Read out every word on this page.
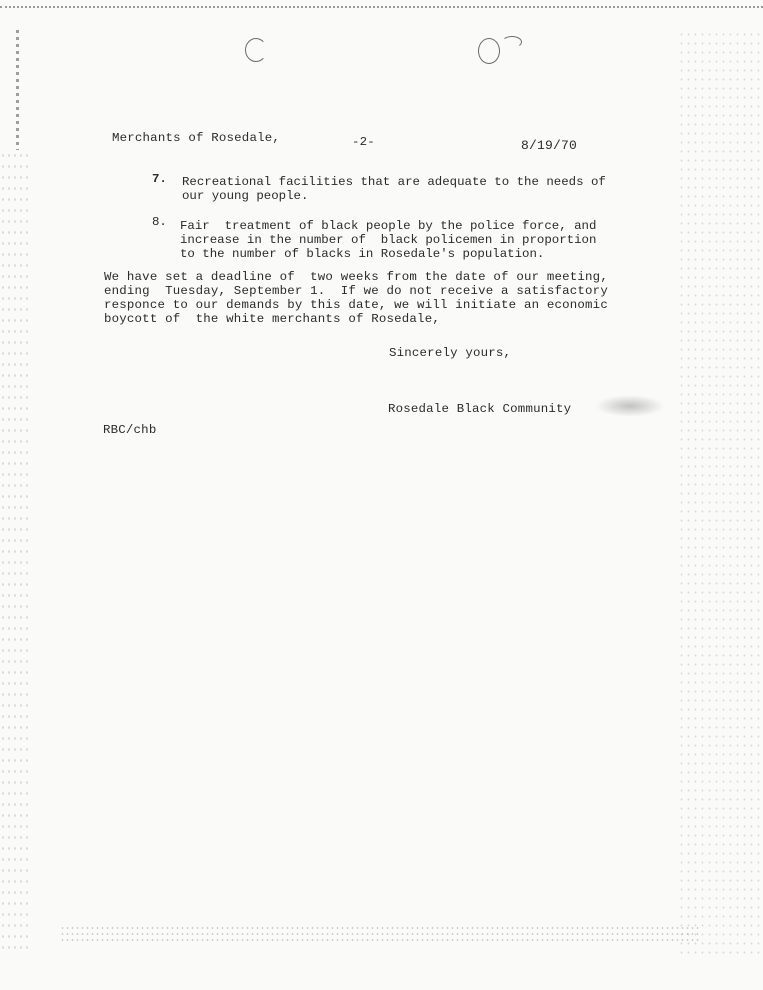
Merchants of Rosedale,	-2-	8/19/70
7. Recreational facilities that are adequate to the needs of
our young people.
8. Fair  treatment of black people by the police force, and
increase in the number of  black policemen in proportion
to the number of blacks in Rosedale's population.
We have set a deadline of  two weeks from the date of our meeting,
ending  Tuesday, September 1.  If we do not receive a satisfactory
responce to our demands by this date, we will initiate an economic
boycott of  the white merchants of Rosedale,
Sincerely yours,
Rosedale Black Community
RBC/chb
